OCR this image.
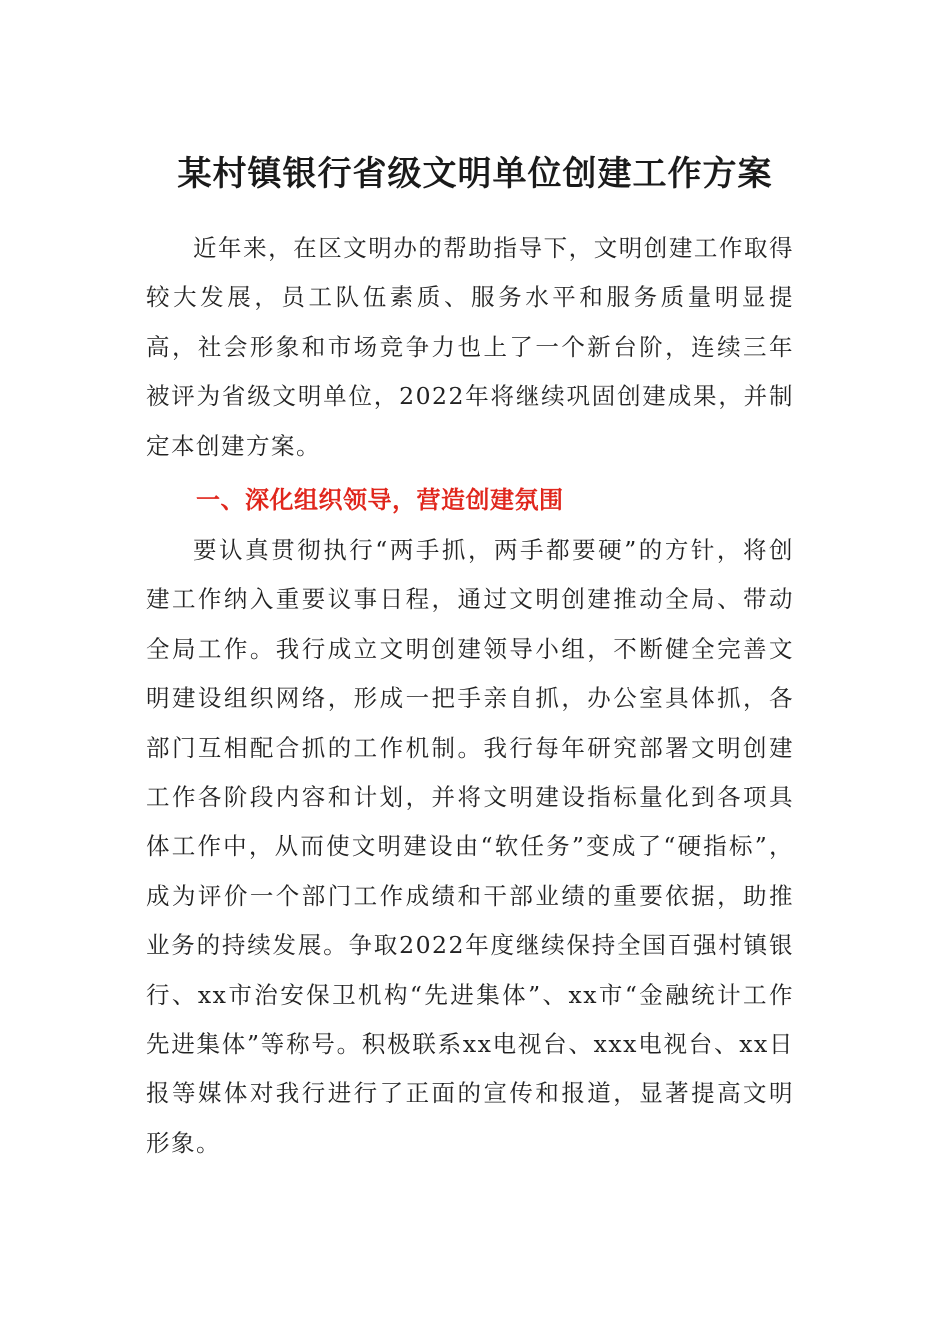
某村镇银行省级文明单位创建工作方案

近年来，在区文明办的帮助指导下，文明创建工作取得较大发展，员工队伍素质、服务水平和服务质量明显提高，社会形象和市场竞争力也上了一个新台阶，连续三年被评为省级文明单位，2022年将继续巩固创建成果，并制定本创建方案。

一、深化组织领导，营造创建氛围

要认真贯彻执行“两手抓，两手都要硬”的方针，将创建工作纳入重要议事日程，通过文明创建推动全局、带动全局工作。我行成立文明创建领导小组，不断健全完善文明建设组织网络，形成一把手亲自抓，办公室具体抓，各部门互相配合抓的工作机制。我行每年研究部署文明创建工作各阶段内容和计划，并将文明建设指标量化到各项具体工作中，从而使文明建设由“软任务”变成了“硬指标”，成为评价一个部门工作成绩和干部业绩的重要依据，助推业务的持续发展。争取2022年度继续保持全国百强村镇银行、xx市治安保卫机构“先进集体”、xx市“金融统计工作先进集体”等称号。积极联系xx电视台、xxx电视台、xx日报等媒体对我行进行了正面的宣传和报道，显著提高文明形象。
